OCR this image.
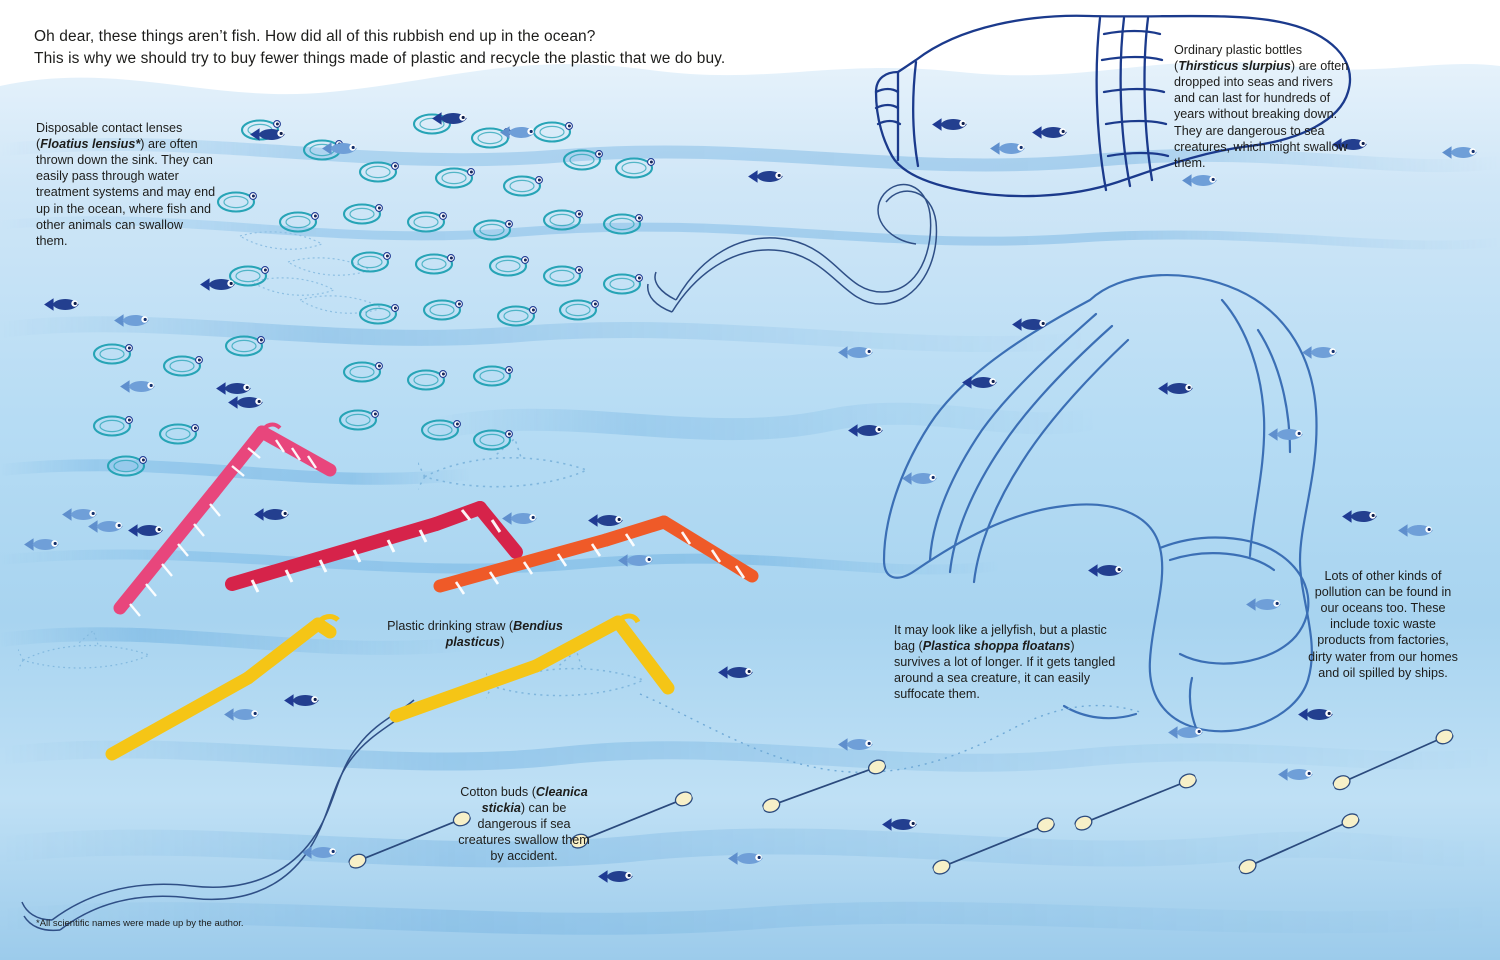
Oh dear, these things aren’t fish. How did all of this rubbish end up in the ocean?
This is why we should try to buy fewer things made of plastic and recycle the plastic that we do buy.
Disposable contact lenses (Floatius lensius*) are often thrown down the sink. They can easily pass through water treatment systems and may end up in the ocean, where fish and other animals can swallow them.
Ordinary plastic bottles (Thirsticus slurpius) are often dropped into seas and rivers and can last for hundreds of years without breaking down. They are dangerous to sea creatures, which might swallow them.
Plastic drinking straw (Bendius plasticus)
It may look like a jellyfish, but a plastic bag (Plastica shoppa floatans) survives a lot of longer. If it gets tangled around a sea creature, it can easily suffocate them.
Lots of other kinds of pollution can be found in our oceans too. These include toxic waste products from factories, dirty water from our homes and oil spilled by ships.
Cotton buds (Cleanica stickia) can be dangerous if sea creatures swallow them by accident.
*All scientific names were made up by the author.
